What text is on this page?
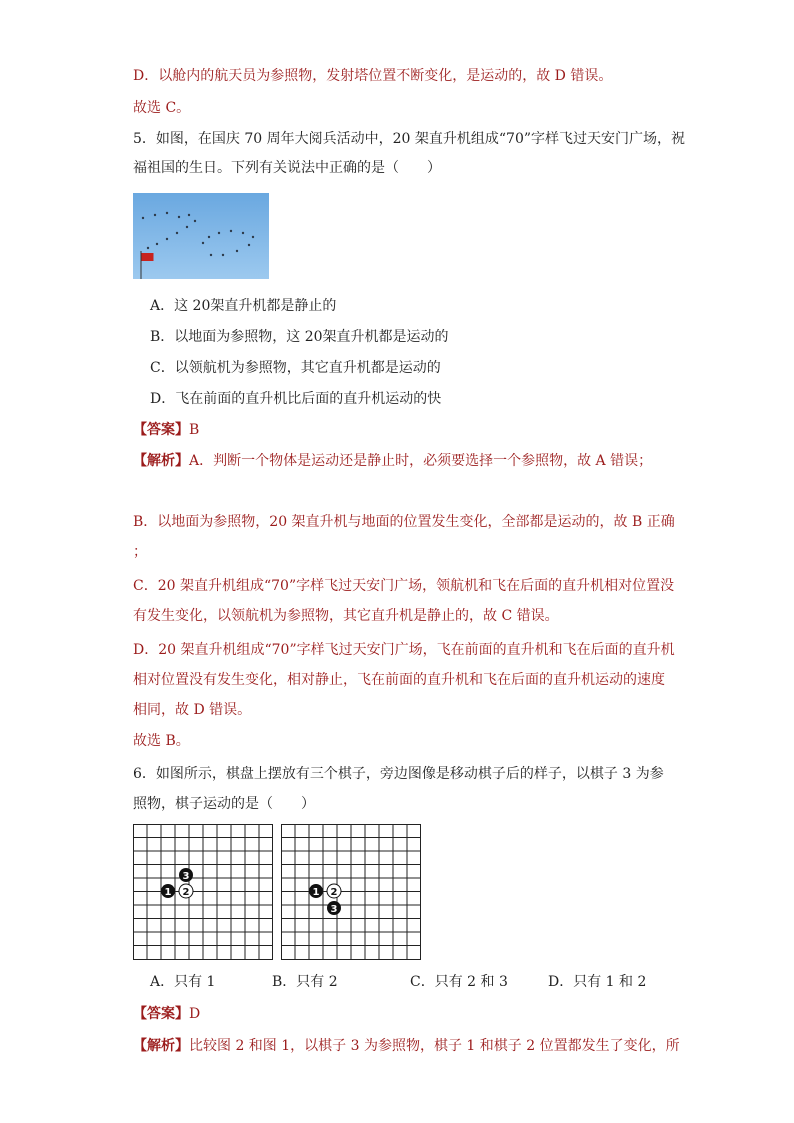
D．以舱内的航天员为参照物，发射塔位置不断变化，是运动的，故 D 错误。
故选 C。
5．如图，在国庆 70 周年大阅兵活动中，20 架直升机组成“70”字样飞过天安门广场，祝
福祖国的生日。下列有关说法中正确的是（　　）
A．这 20架直升机都是静止的
B．以地面为参照物，这 20架直升机都是运动的
C．以领航机为参照物，其它直升机都是运动的
D．飞在前面的直升机比后面的直升机运动的快
【答案】B
【解析】A．判断一个物体是运动还是静止时，必须要选择一个参照物，故 A 错误；
B．以地面为参照物，20 架直升机与地面的位置发生变化，全部都是运动的，故 B 正确
；
C．20 架直升机组成“70”字样飞过天安门广场，领航机和飞在后面的直升机相对位置没
有发生变化，以领航机为参照物，其它直升机是静止的，故 C 错误。
D．20 架直升机组成“70”字样飞过天安门广场，飞在前面的直升机和飞在后面的直升机
相对位置没有发生变化，相对静止，飞在前面的直升机和飞在后面的直升机运动的速度
相同，故 D 错误。
故选 B。
6．如图所示，棋盘上摆放有三个棋子，旁边图像是移动棋子后的样子，以棋子 3 为参
照物，棋子运动的是（　　）
3
1 2	1 2
3
A．只有 1	B．只有 2	C．只有 2 和 3	D．只有 1 和 2
【答案】D
【解析】比较图 2 和图 1，以棋子 3 为参照物，棋子 1 和棋子 2 位置都发生了变化，所
